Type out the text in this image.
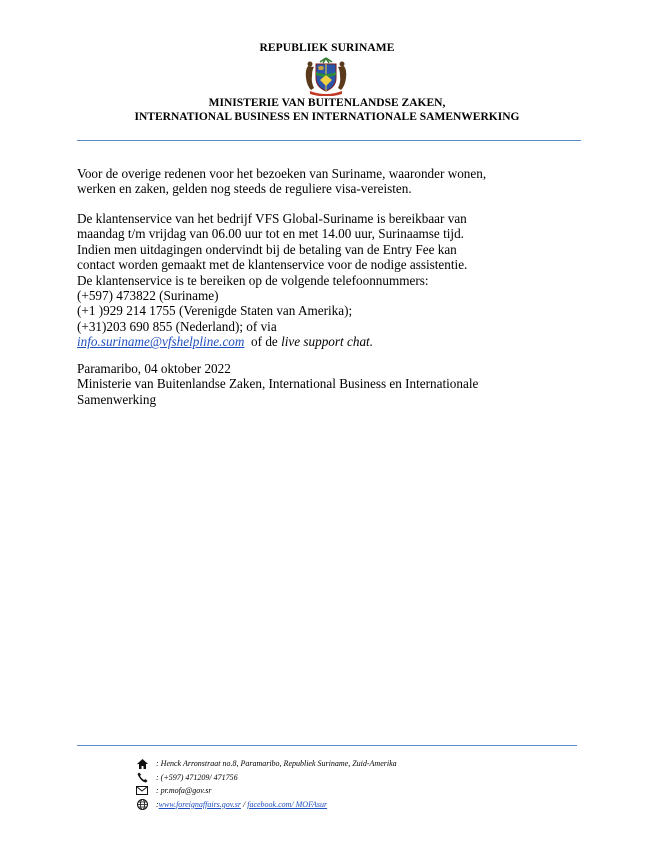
REPUBLIEK SURINAME
MINISTERIE VAN BUITENLANDSE ZAKEN,
INTERNATIONAL BUSINESS EN INTERNATIONALE SAMENWERKING
Voor de overige redenen voor het bezoeken van Suriname, waaronder wonen,
werken en zaken, gelden nog steeds de reguliere visa-vereisten.
De klantenservice van het bedrijf VFS Global-Suriname is bereikbaar van
maandag t/m vrijdag van 06.00 uur tot en met 14.00 uur, Surinaamse tijd.
Indien men uitdagingen ondervindt bij de betaling van de Entry Fee kan
contact worden gemaakt met de klantenservice voor de nodige assistentie.
De klantenservice is te bereiken op de volgende telefoonnummers:
(+597) 473822 (Suriname)
(+1 )929 214 1755 (Verenigde Staten van Amerika);
(+31)203 690 855 (Nederland); of via
info.suriname@vfshelpline.com of de live support chat.
Paramaribo, 04 oktober 2022
Ministerie van Buitenlandse Zaken, International Business en Internationale
Samenwerking
: Henck Arronstraat no.8, Paramaribo, Republiek Suriname, Zuid-Amerika
: (+597) 471209/ 471756
: pr.mofa@gov.sr
: www.foreignaffairs.gov.sr / facebook.com/ MOFAsur
